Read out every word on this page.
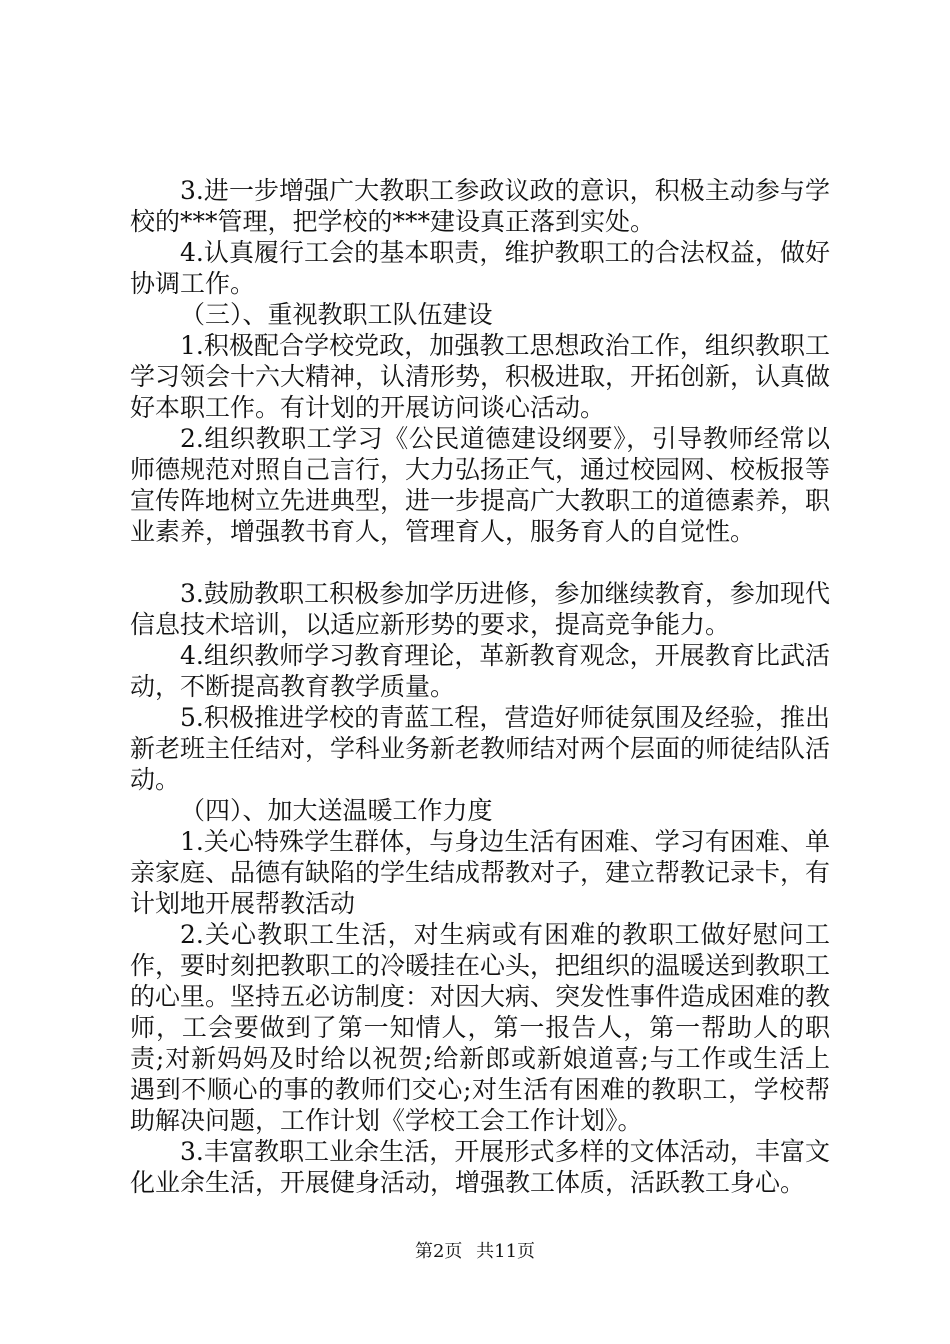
3.进一步增强广大教职工参政议政的意识，积极主动参与学校的***管理，把学校的***建设真正落到实处。

4.认真履行工会的基本职责，维护教职工的合法权益，做好协调工作。

（三）、重视教职工队伍建设

1.积极配合学校党政，加强教工思想政治工作，组织教职工学习领会十六大精神，认清形势，积极进取，开拓创新，认真做好本职工作。有计划的开展访问谈心活动。

2.组织教职工学习《公民道德建设纲要》，引导教师经常以师德规范对照自己言行，大力弘扬正气，通过校园网、校板报等宣传阵地树立先进典型，进一步提高广大教职工的道德素养，职业素养，增强教书育人，管理育人，服务育人的自觉性。

3.鼓励教职工积极参加学历进修，参加继续教育，参加现代信息技术培训，以适应新形势的要求，提高竞争能力。

4.组织教师学习教育理论，革新教育观念，开展教育比武活动，不断提高教育教学质量。

5.积极推进学校的青蓝工程，营造好师徒氛围及经验，推出新老班主任结对，学科业务新老教师结对两个层面的师徒结队活动。

（四）、加大送温暖工作力度

1.关心特殊学生群体，与身边生活有困难、学习有困难、单亲家庭、品德有缺陷的学生结成帮教对子，建立帮教记录卡，有计划地开展帮教活动

2.关心教职工生活，对生病或有困难的教职工做好慰问工作，要时刻把教职工的冷暖挂在心头，把组织的温暖送到教职工的心里。坚持五必访制度：对因大病、突发性事件造成困难的教师，工会要做到了第一知情人，第一报告人，第一帮助人的职责;对新妈妈及时给以祝贺;给新郎或新娘道喜;与工作或生活上遇到不顺心的事的教师们交心;对生活有困难的教职工，学校帮助解决问题，工作计划《学校工会工作计划》。

3.丰富教职工业余生活，开展形式多样的文体活动，丰富文化业余生活，开展健身活动，增强教工体质，活跃教工身心。

第2页 共11页
